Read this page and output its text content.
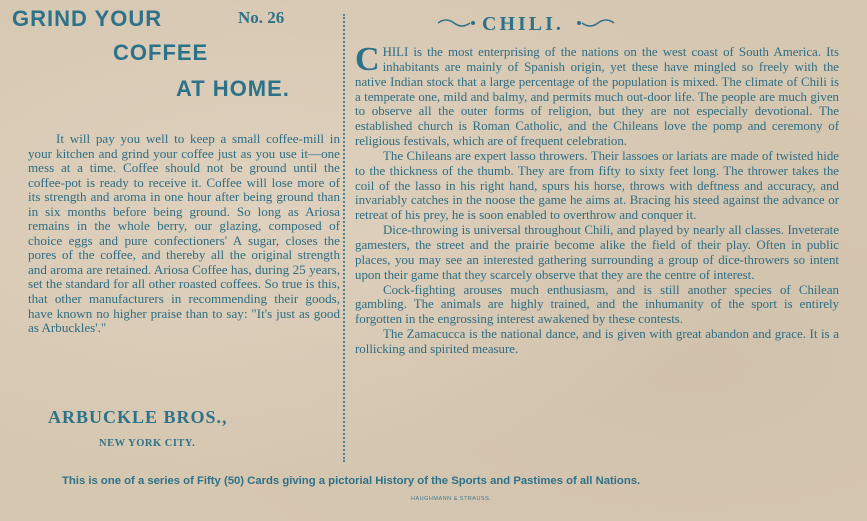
GRIND YOUR	No. 26
COFFEE
AT HOME.
It will pay you well to keep a small coffee-mill in your kitchen and grind your coffee just as you use it—one mess at a time. Coffee should not be ground until the coffee-pot is ready to receive it. Coffee will lose more of its strength and aroma in one hour after being ground than in six months before being ground. So long as Ariosa remains in the whole berry, our glazing, composed of choice eggs and pure confectioners' A sugar, closes the pores of the coffee, and thereby all the original strength and aroma are retained. Ariosa Coffee has, during 25 years, set the standard for all other roasted coffees. So true is this, that other manufacturers in recommending their goods, have known no higher praise than to say: "It's just as good as Arbuckles'."
ARBUCKLE BROS.,
NEW YORK CITY.
CHILI.

CHILI is the most enterprising of the nations on the west coast of South America. Its inhabitants are mainly of Spanish origin, yet these have mingled so freely with the native Indian stock that a large percentage of the population is mixed. The climate of Chili is a temperate one, mild and balmy, and permits much out-door life. The people are much given to observe all the outer forms of religion, but they are not especially devotional. The established church is Roman Catholic, and the Chileans love the pomp and ceremony of religious festivals, which are of frequent celebration.

The Chileans are expert lasso throwers. Their lassoes or lariats are made of twisted hide to the thickness of the thumb. They are from fifty to sixty feet long. The thrower takes the coil of the lasso in his right hand, spurs his horse, throws with deftness and accuracy, and invariably catches in the noose the game he aims at. Bracing his steed against the advance or retreat of his prey, he is soon enabled to overthrow and conquer it.

Dice-throwing is universal throughout Chili, and played by nearly all classes. Inveterate gamesters, the street and the prairie become alike the field of their play. Often in public places, you may see an interested gathering surrounding a group of dice-throwers so intent upon their game that they scarcely observe that they are the centre of interest.

Cock-fighting arouses much enthusiasm, and is still another species of Chilean gambling. The animals are highly trained, and the inhumanity of the sport is entirely forgotten in the engrossing interest awakened by these contests.

The Zamacucca is the national dance, and is given with great abandon and grace. It is a rollicking and spirited measure.

This is one of a series of Fifty (50) Cards giving a pictorial History of the Sports and Pastimes of all Nations.
HAUGHMANN & STRAUSS.
